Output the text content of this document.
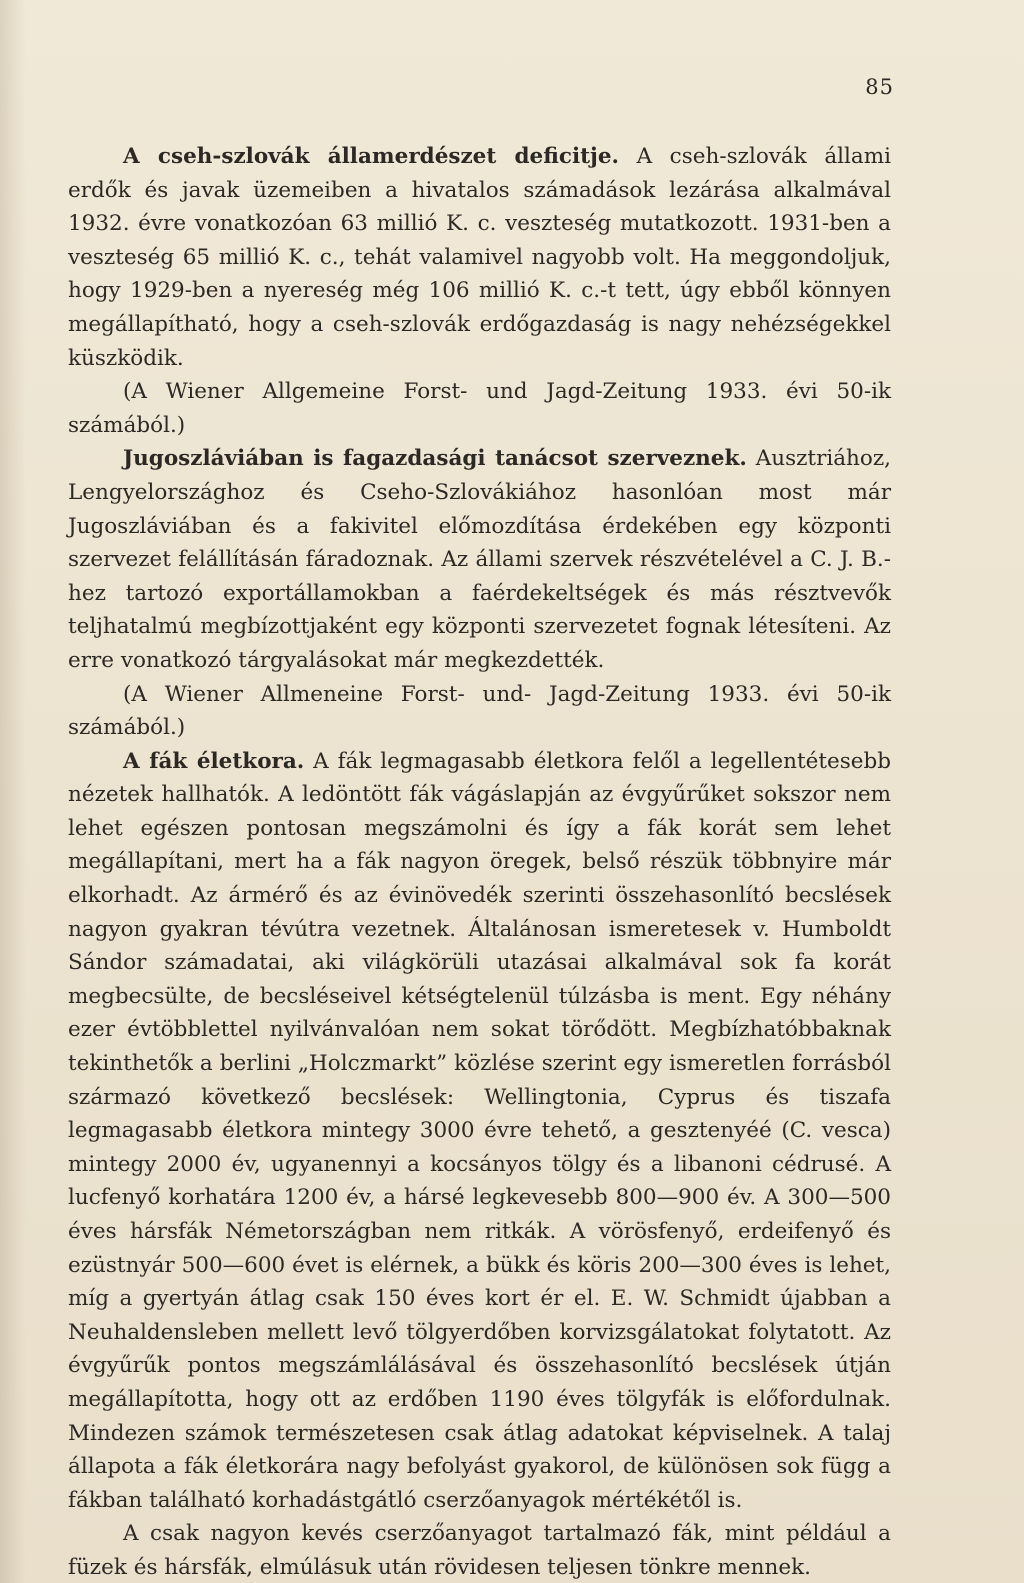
85

A cseh-szlovák államerdészet deficitje. A cseh-szlovák állami erdők és javak üzemeiben a hivatalos számadások lezárása alkalmával 1932. évre vonatkozóan 63 millió K. c. veszteség mutatkozott. 1931-ben a veszteség 65 millió K. c., tehát valamivel nagyobb volt. Ha meggondoljuk, hogy 1929-ben a nyereség még 106 millió K. c.-t tett, úgy ebből könnyen megállapítható, hogy a cseh-szlovák erdőgazdaság is nagy nehézségekkel küszködik.

(A Wiener Allgemeine Forst- und Jagd-Zeitung 1933. évi 50-ik számából.)

Jugoszláviában is fagazdasági tanácsot szerveznek. Ausztriához, Lengyelországhoz és Cseho-Szlovákiához hasonlóan most már Jugoszláviában és a fakivitel előmozdítása érdekében egy központi szervezet felállításán fáradoznak. Az állami szervek részvételével a C. J. B.-hez tartozó exportállamokban a faérdekeltségek és más résztvevők teljhatalmú megbízottjaként egy központi szervezetet fognak létesíteni. Az erre vonatkozó tárgyalásokat már megkezdették.

(A Wiener Allmeneine Forst- und- Jagd-Zeitung 1933. évi 50-ik számából.)

A fák életkora. A fák legmagasabb életkora felől a legellentétesebb nézetek hallhatók. A ledöntött fák vágáslapján az évgyűrűket sokszor nem lehet egészen pontosan megszámolni és így a fák korát sem lehet megállapítani, mert ha a fák nagyon öregek, belső részük többnyire már elkorhadt. Az ármérő és az évinövedék szerinti összehasonlító becslések nagyon gyakran tévútra vezetnek. Általánosan ismeretesek v. Humboldt Sándor számadatai, aki világkörüli utazásai alkalmával sok fa korát megbecsülte, de becsléseivel kétségtelenül túlzásba is ment. Egy néhány ezer évtöbblettel nyilvánvalóan nem sokat törődött. Megbízhatóbbaknak tekinthetők a berlini „Holczmarkt” közlése szerint egy ismeretlen forrásból származó következő becslések: Wellingtonia, Cyprus és tiszafa legmagasabb életkora mintegy 3000 évre tehető, a gesztenyéé (C. vesca) mintegy 2000 év, ugyanennyi a kocsányos tölgy és a libanoni cédrusé. A lucfenyő korhatára 1200 év, a hársé legkevesebb 800—900 év. A 300—500 éves hársfák Németországban nem ritkák. A vörösfenyő, erdeifenyő és ezüstnyár 500—600 évet is elérnek, a bükk és köris 200—300 éves is lehet, míg a gyertyán átlag csak 150 éves kort ér el. E. W. Schmidt újabban a Neuhaldensleben mellett levő tölgyerdőben korvizsgálatokat folytatott. Az évgyűrűk pontos megszámlálásával és összehasonlító becslések útján megállapította, hogy ott az erdőben 1190 éves tölgyfák is előfordulnak. Mindezen számok természetesen csak átlag adatokat képviselnek. A talaj állapota a fák életkorára nagy befolyást gyakorol, de különösen sok függ a fákban található korhadástgátló cserzőanyagok mértékétől is.

A csak nagyon kevés cserzőanyagot tartalmazó fák, mint például a füzek és hársfák, elmúlásuk után rövidesen teljesen tönkre mennek.
